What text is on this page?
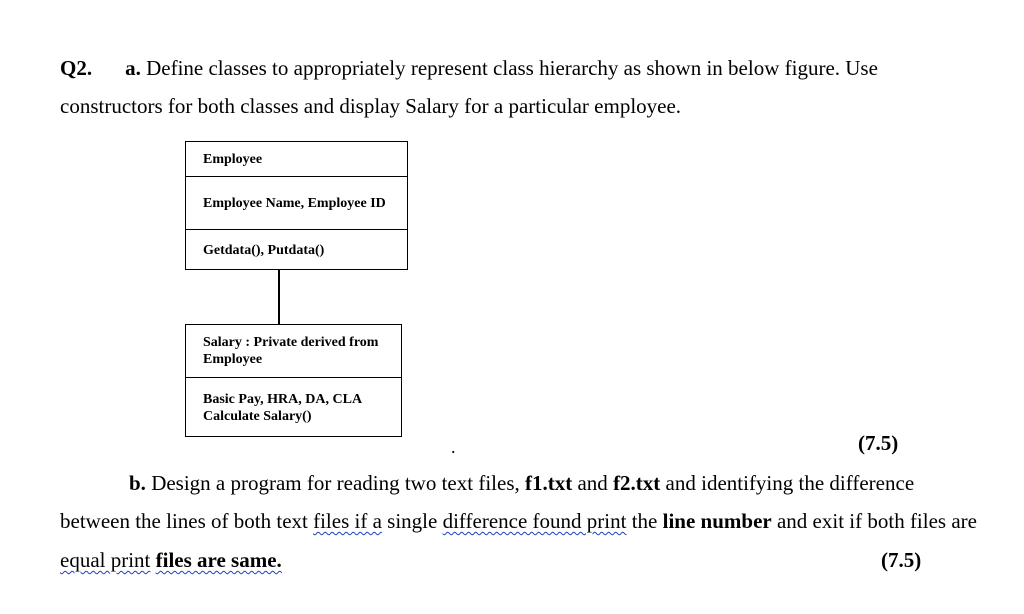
Q2. a. Define classes to appropriately represent class hierarchy as shown in below figure. Use
constructors for both classes and display Salary for a particular employee.
Employee
Employee Name, Employee ID
Getdata(), Putdata()
Salary : Private derived from Employee
Basic Pay, HRA, DA, CLA
Calculate Salary()
.	(7.5)
b. Design a program for reading two text files, f1.txt and f2.txt and identifying the difference
between the lines of both text files if a single difference found print the line number and exit if both files are
equal print files are same.	(7.5)
